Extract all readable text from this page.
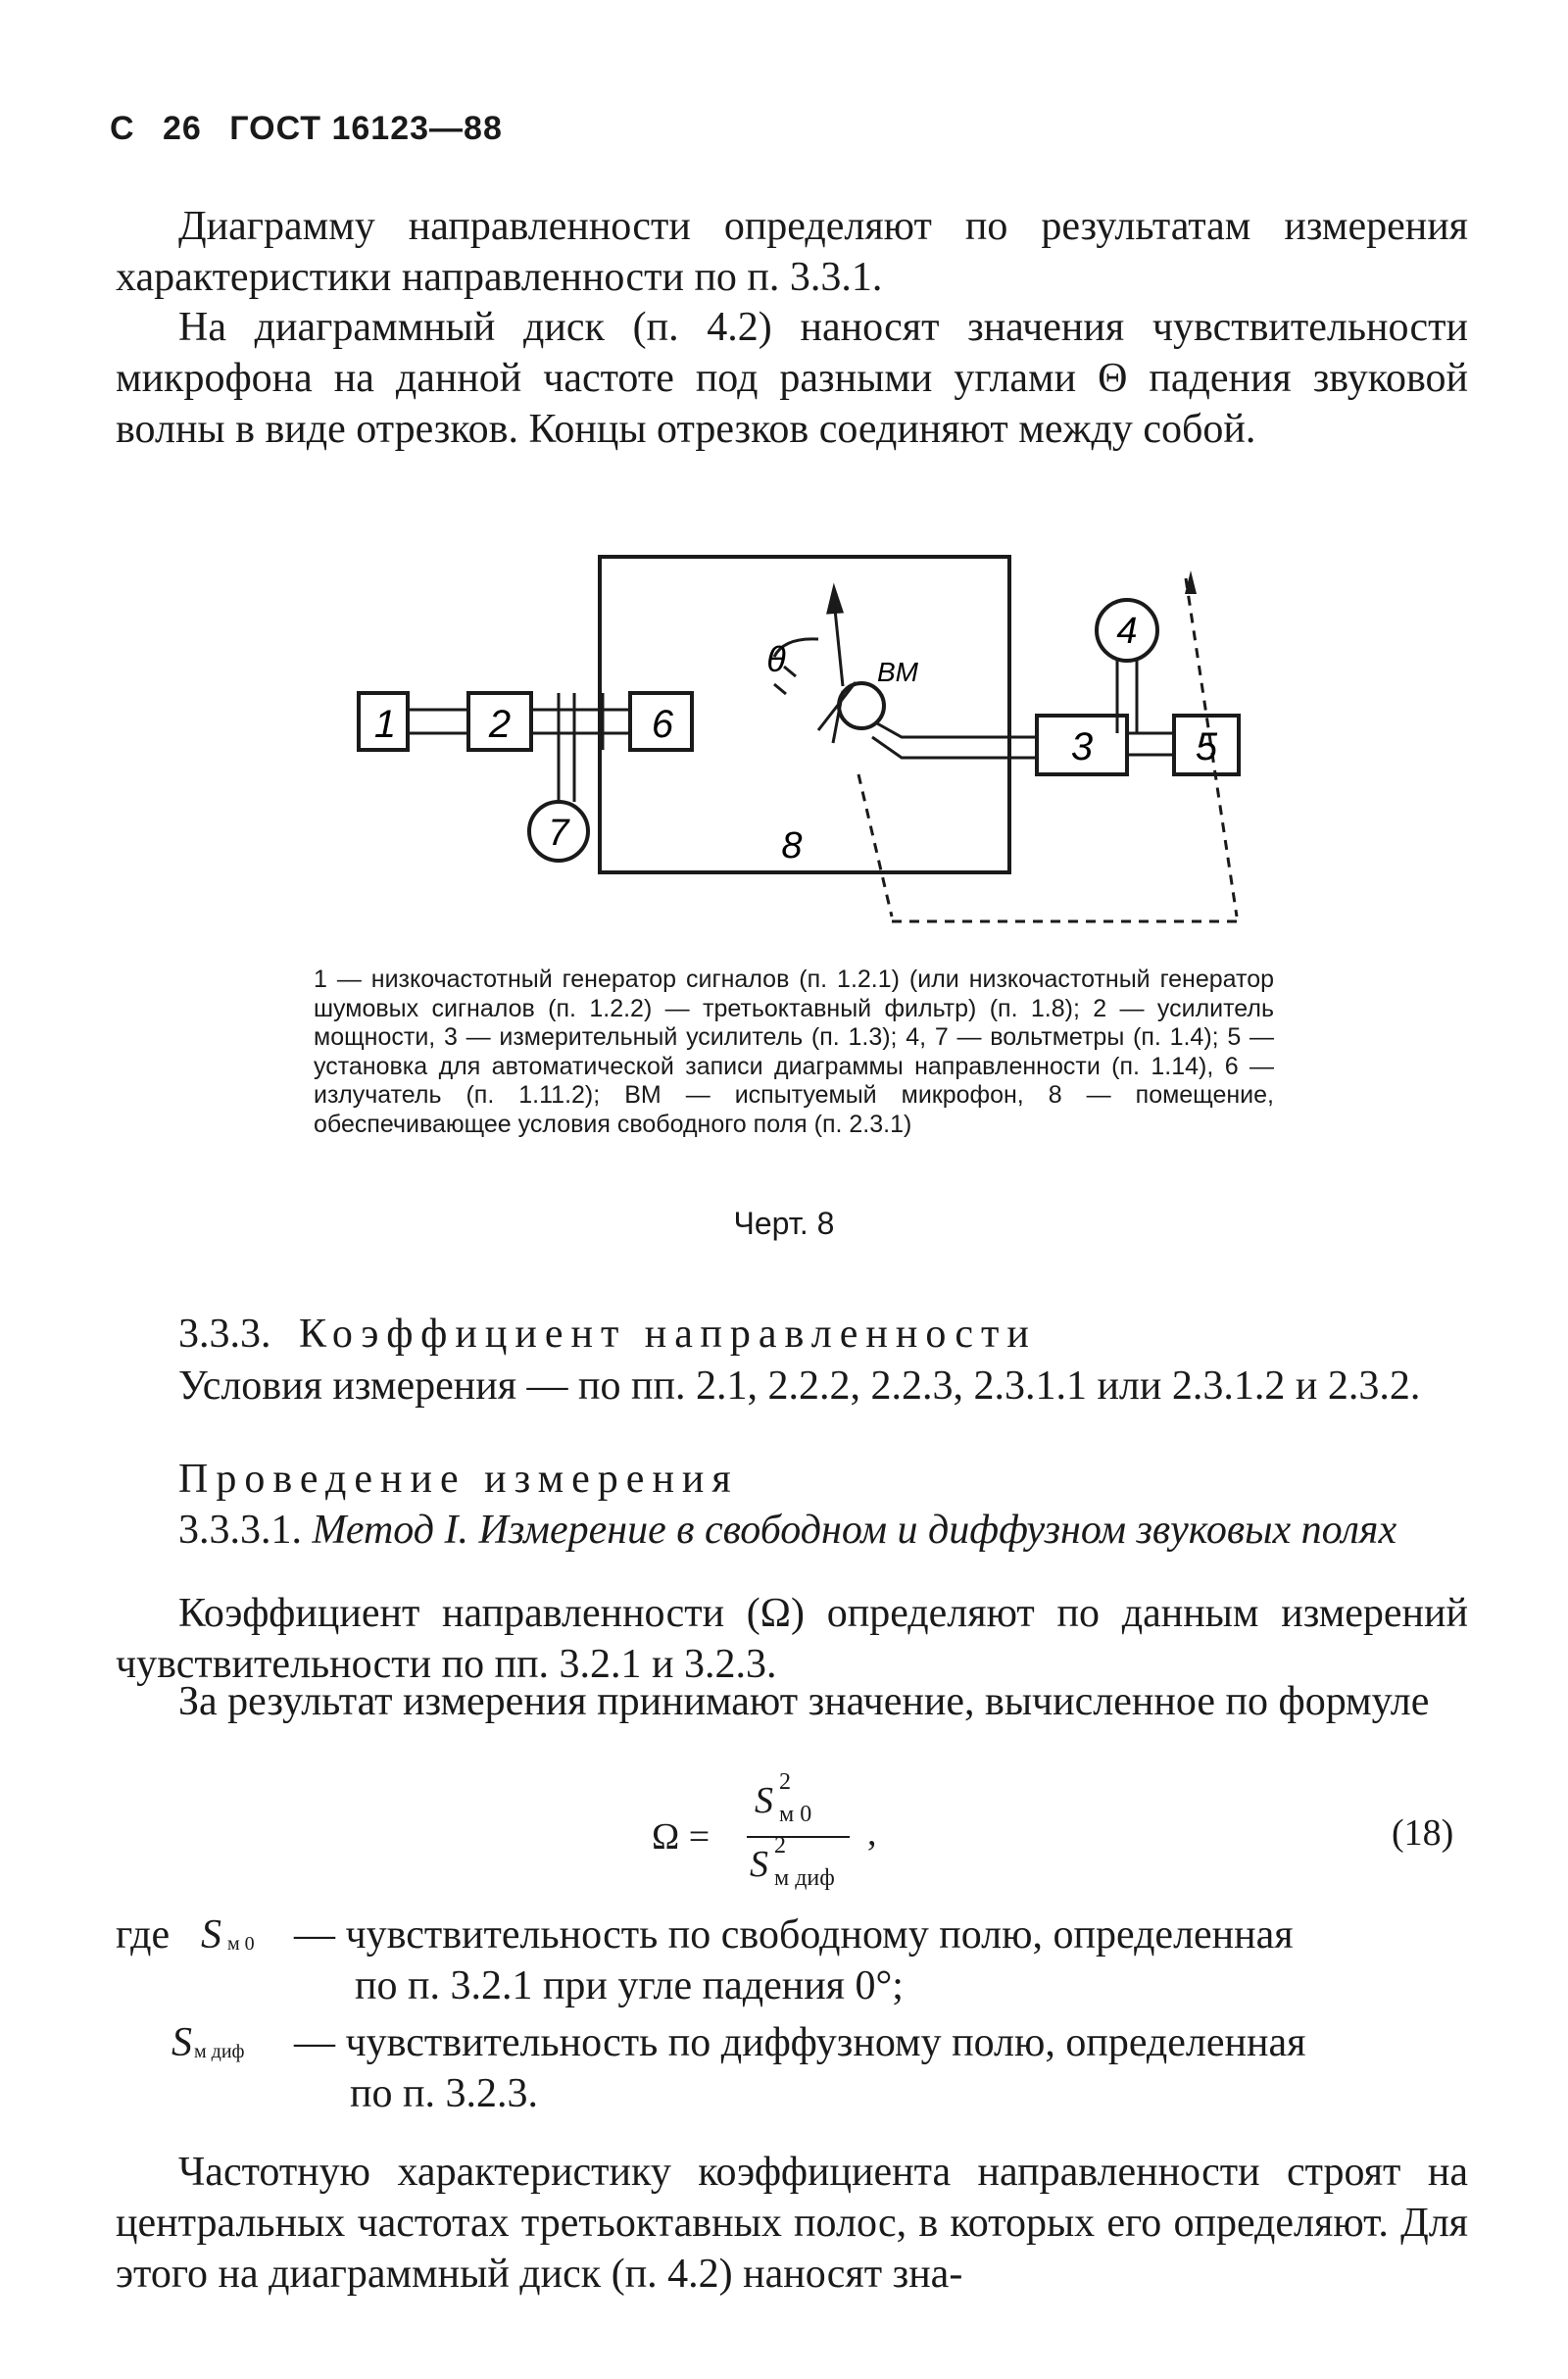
С 26 ГОСТ 16123—88
Диаграмму направленности определяют по результатам измерения характеристики направленности по п. 3.3.1.
На диаграммный диск (п. 4.2) наносят значения чувствительности микрофона на данной частоте под разными углами Θ падения звуковой волны в виде отрезков. Концы отрезков соединяют между собой.
1 2	6
3	5
4
7	8
θ	ВМ
1 — низкочастотный генератор сигналов (п. 1.2.1) (или низкочастотный генератор шумовых сигналов (п. 1.2.2) — третьоктавный фильтр) (п. 1.8); 2 — усилитель мощности, 3 — измерительный усилитель (п. 1.3); 4, 7 — вольтметры (п. 1.4); 5 — установка для автоматической записи диаграммы направленности (п. 1.14), 6 — излучатель (п. 1.11.2); ВМ — испытуемый микрофон, 8 — помещение, обеспечивающее условия свободного поля (п. 2.3.1)
Черт. 8
3.3.3. Коэффициент направленности
Условия измерения — по пп. 2.1, 2.2.2, 2.2.3, 2.3.1.1 или 2.3.1.2 и 2.3.2.
Проведение измерения
3.3.3.1. Метод I. Измерение в свободном и диффузном звуковых полях
Коэффициент направленности (Ω) определяют по данным измерений чувствительности по пп. 3.2.1 и 3.2.3.
За результат измерения принимают значение, вычисленное по формуле
Ω =
S 2
м 0
S 2
м диф
,	(18)
где S м 0 — чувствительность по свободному полю, определенная
по п. 3.2.1 при угле падения 0°;
S м диф — чувствительность по диффузному полю, определенная
по п. 3.2.3.
Частотную характеристику коэффициента направленности строят на центральных частотах третьоктавных полос, в которых его определяют. Для этого на диаграммный диск (п. 4.2) наносят зна-
